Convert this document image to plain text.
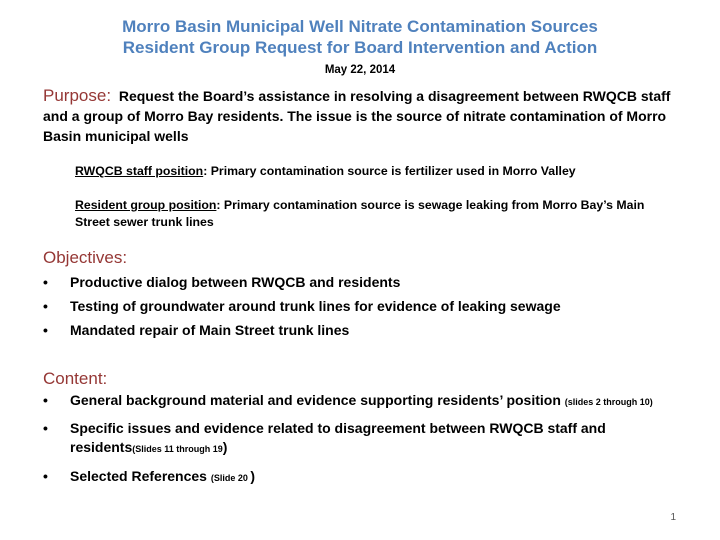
Morro Basin Municipal Well Nitrate Contamination Sources
Resident Group Request for Board Intervention and Action
May 22, 2014
Purpose: Request the Board’s assistance in resolving a disagreement between RWQCB staff and a group of Morro Bay residents. The issue is the source of nitrate contamination of Morro Basin municipal wells
RWQCB staff position: Primary contamination source is fertilizer used in Morro Valley
Resident group position: Primary contamination source is sewage leaking from Morro Bay’s Main Street sewer trunk lines
Objectives:
• Productive dialog between RWQCB and residents
• Testing of groundwater around trunk lines for evidence of leaking sewage
• Mandated repair of Main Street trunk lines
Content:
• General background material and evidence supporting residents’ position (slides 2 through 10)
• Specific issues and evidence related to disagreement between RWQCB staff and residents(Slides 11 through 19)
• Selected References (Slide 20 )
1
